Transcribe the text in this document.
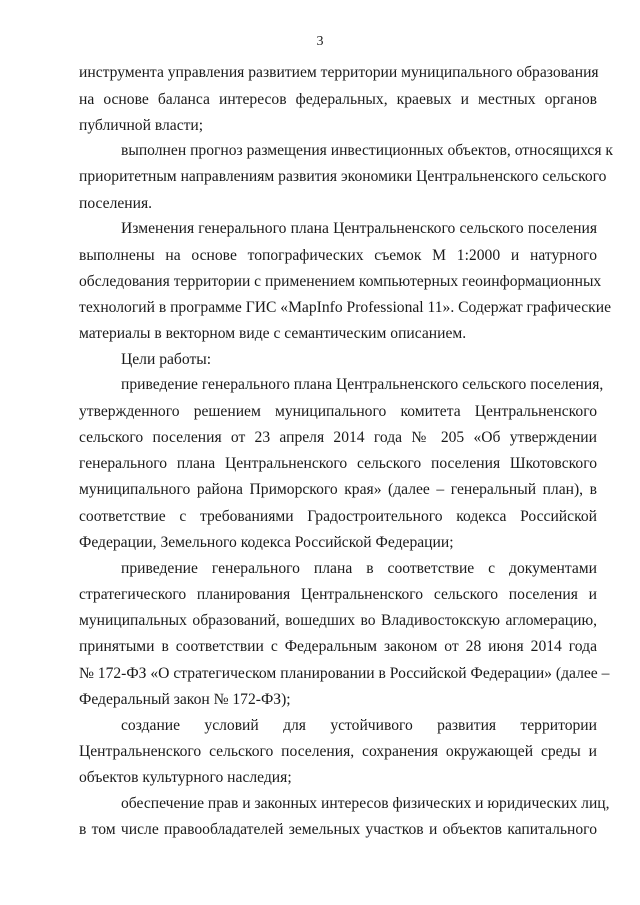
3
инструмента управления развитием территории муниципального образования
на основе баланса интересов федеральных, краевых и местных органов
публичной власти;
выполнен прогноз размещения инвестиционных объектов, относящихся к
приоритетным направлениям развития экономики Центральненского сельского
поселения.
Изменения генерального плана Центральненского сельского поселения
выполнены на основе топографических съемок М 1:2000 и натурного
обследования территории с применением компьютерных геоинформационных
технологий в программе ГИС «MapInfo Professional 11». Содержат графические
материалы в векторном виде с семантическим описанием.
Цели работы:
приведение генерального плана Центральненского сельского поселения,
утвержденного решением муниципального комитета Центральненского
сельского поселения от 23 апреля 2014 года № 205 «Об утверждении
генерального плана Центральненского сельского поселения Шкотовского
муниципального района Приморского края» (далее – генеральный план), в
соответствие с требованиями Градостроительного кодекса Российской
Федерации, Земельного кодекса Российской Федерации;
приведение генерального плана в соответствие с документами
стратегического планирования Центральненского сельского поселения и
муниципальных образований, вошедших во Владивостокскую агломерацию,
принятыми в соответствии с Федеральным законом от 28 июня 2014 года
№ 172-ФЗ «О стратегическом планировании в Российской Федерации» (далее –
Федеральный закон № 172-ФЗ);
создание условий для устойчивого развития территории
Центральненского сельского поселения, сохранения окружающей среды и
объектов культурного наследия;
обеспечение прав и законных интересов физических и юридических лиц,
в том числе правообладателей земельных участков и объектов капитального
